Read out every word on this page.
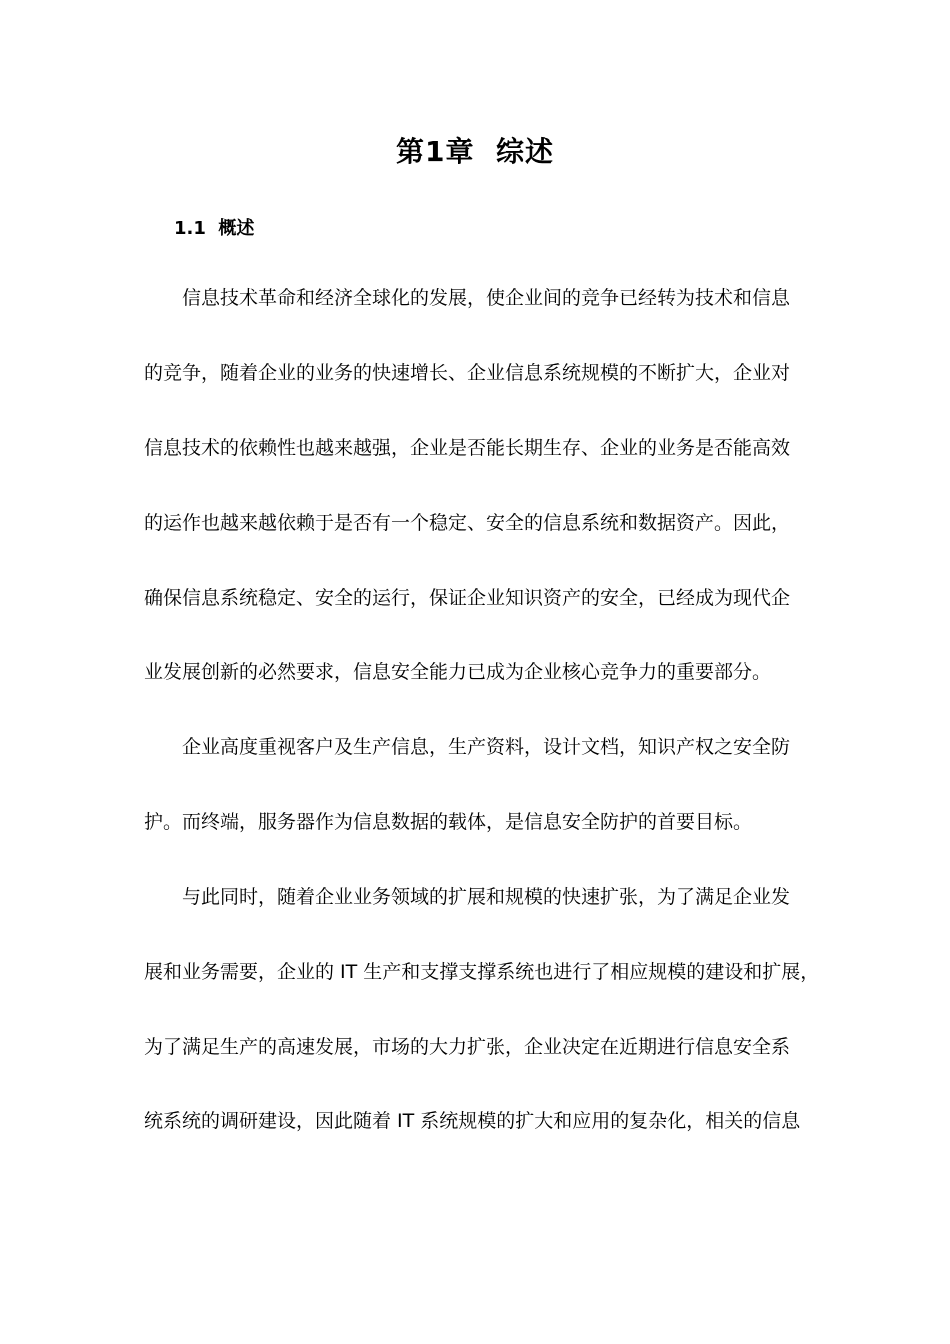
第1章  综述
1.1  概述
信息技术革命和经济全球化的发展，使企业间的竞争已经转为技术和信息
的竞争，随着企业的业务的快速增长、企业信息系统规模的不断扩大，企业对
信息技术的依赖性也越来越强，企业是否能长期生存、企业的业务是否能高效
的运作也越来越依赖于是否有一个稳定、安全的信息系统和数据资产。因此，
确保信息系统稳定、安全的运行，保证企业知识资产的安全，已经成为现代企
业发展创新的必然要求，信息安全能力已成为企业核心竞争力的重要部分。
企业高度重视客户及生产信息，生产资料，设计文档，知识产权之安全防
护。而终端，服务器作为信息数据的载体，是信息安全防护的首要目标。
与此同时，随着企业业务领域的扩展和规模的快速扩张，为了满足企业发
展和业务需要，企业的 IT 生产和支撑支撑系统也进行了相应规模的建设和扩展，
为了满足生产的高速发展，市场的大力扩张，企业决定在近期进行信息安全系
统系统的调研建设，因此随着 IT 系统规模的扩大和应用的复杂化，相关的信息
